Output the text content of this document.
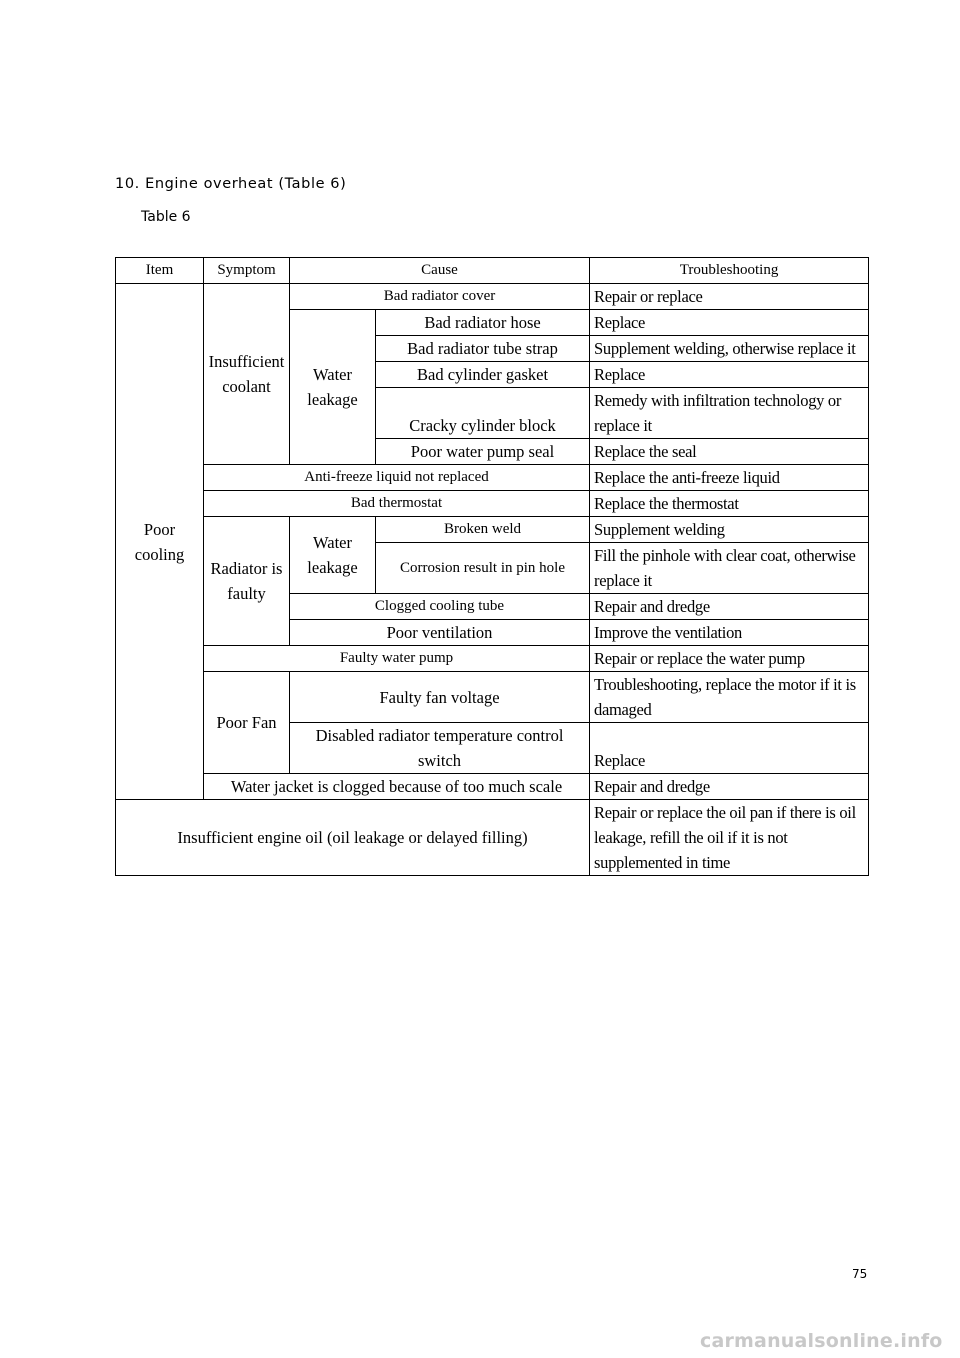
10. Engine overheat (Table 6)
Table 6
Item	Symptom	Cause		Troubleshooting
Poor cooling	Insufficient coolant	Bad radiator cover		Repair or replace
		Water leakage	Bad radiator hose	Replace
			Bad radiator tube strap	Supplement welding, otherwise replace it

			Bad cylinder gasket	Replace
			Cracky cylinder block	Remedy with infiltration technology or replace it

			Poor water pump seal	Replace the seal
	Anti-freeze liquid not replaced			Replace the anti-freeze liquid
	Bad thermostat			Replace the thermostat
	Radiator is faulty	Water leakage	Broken weld	Supplement welding
			Corrosion result in pin hole	Fill the pinhole with clear coat, otherwise replace it

		Clogged cooling tube		Repair and dredge
		Poor ventilation		Improve the ventilation
	Faulty water pump			Repair or replace the water pump
	Poor Fan	Faulty fan voltage		Troubleshooting, replace the motor if it is damaged

		Disabled radiator temperature control switch		Replace

	Water jacket is clogged because of too much scale			Repair and dredge
Insufficient engine oil (oil leakage or delayed filling)				Repair or replace the oil pan if there is oil leakage, refill the oil if it is not supplemented in time

75
carmanualsonline.info
